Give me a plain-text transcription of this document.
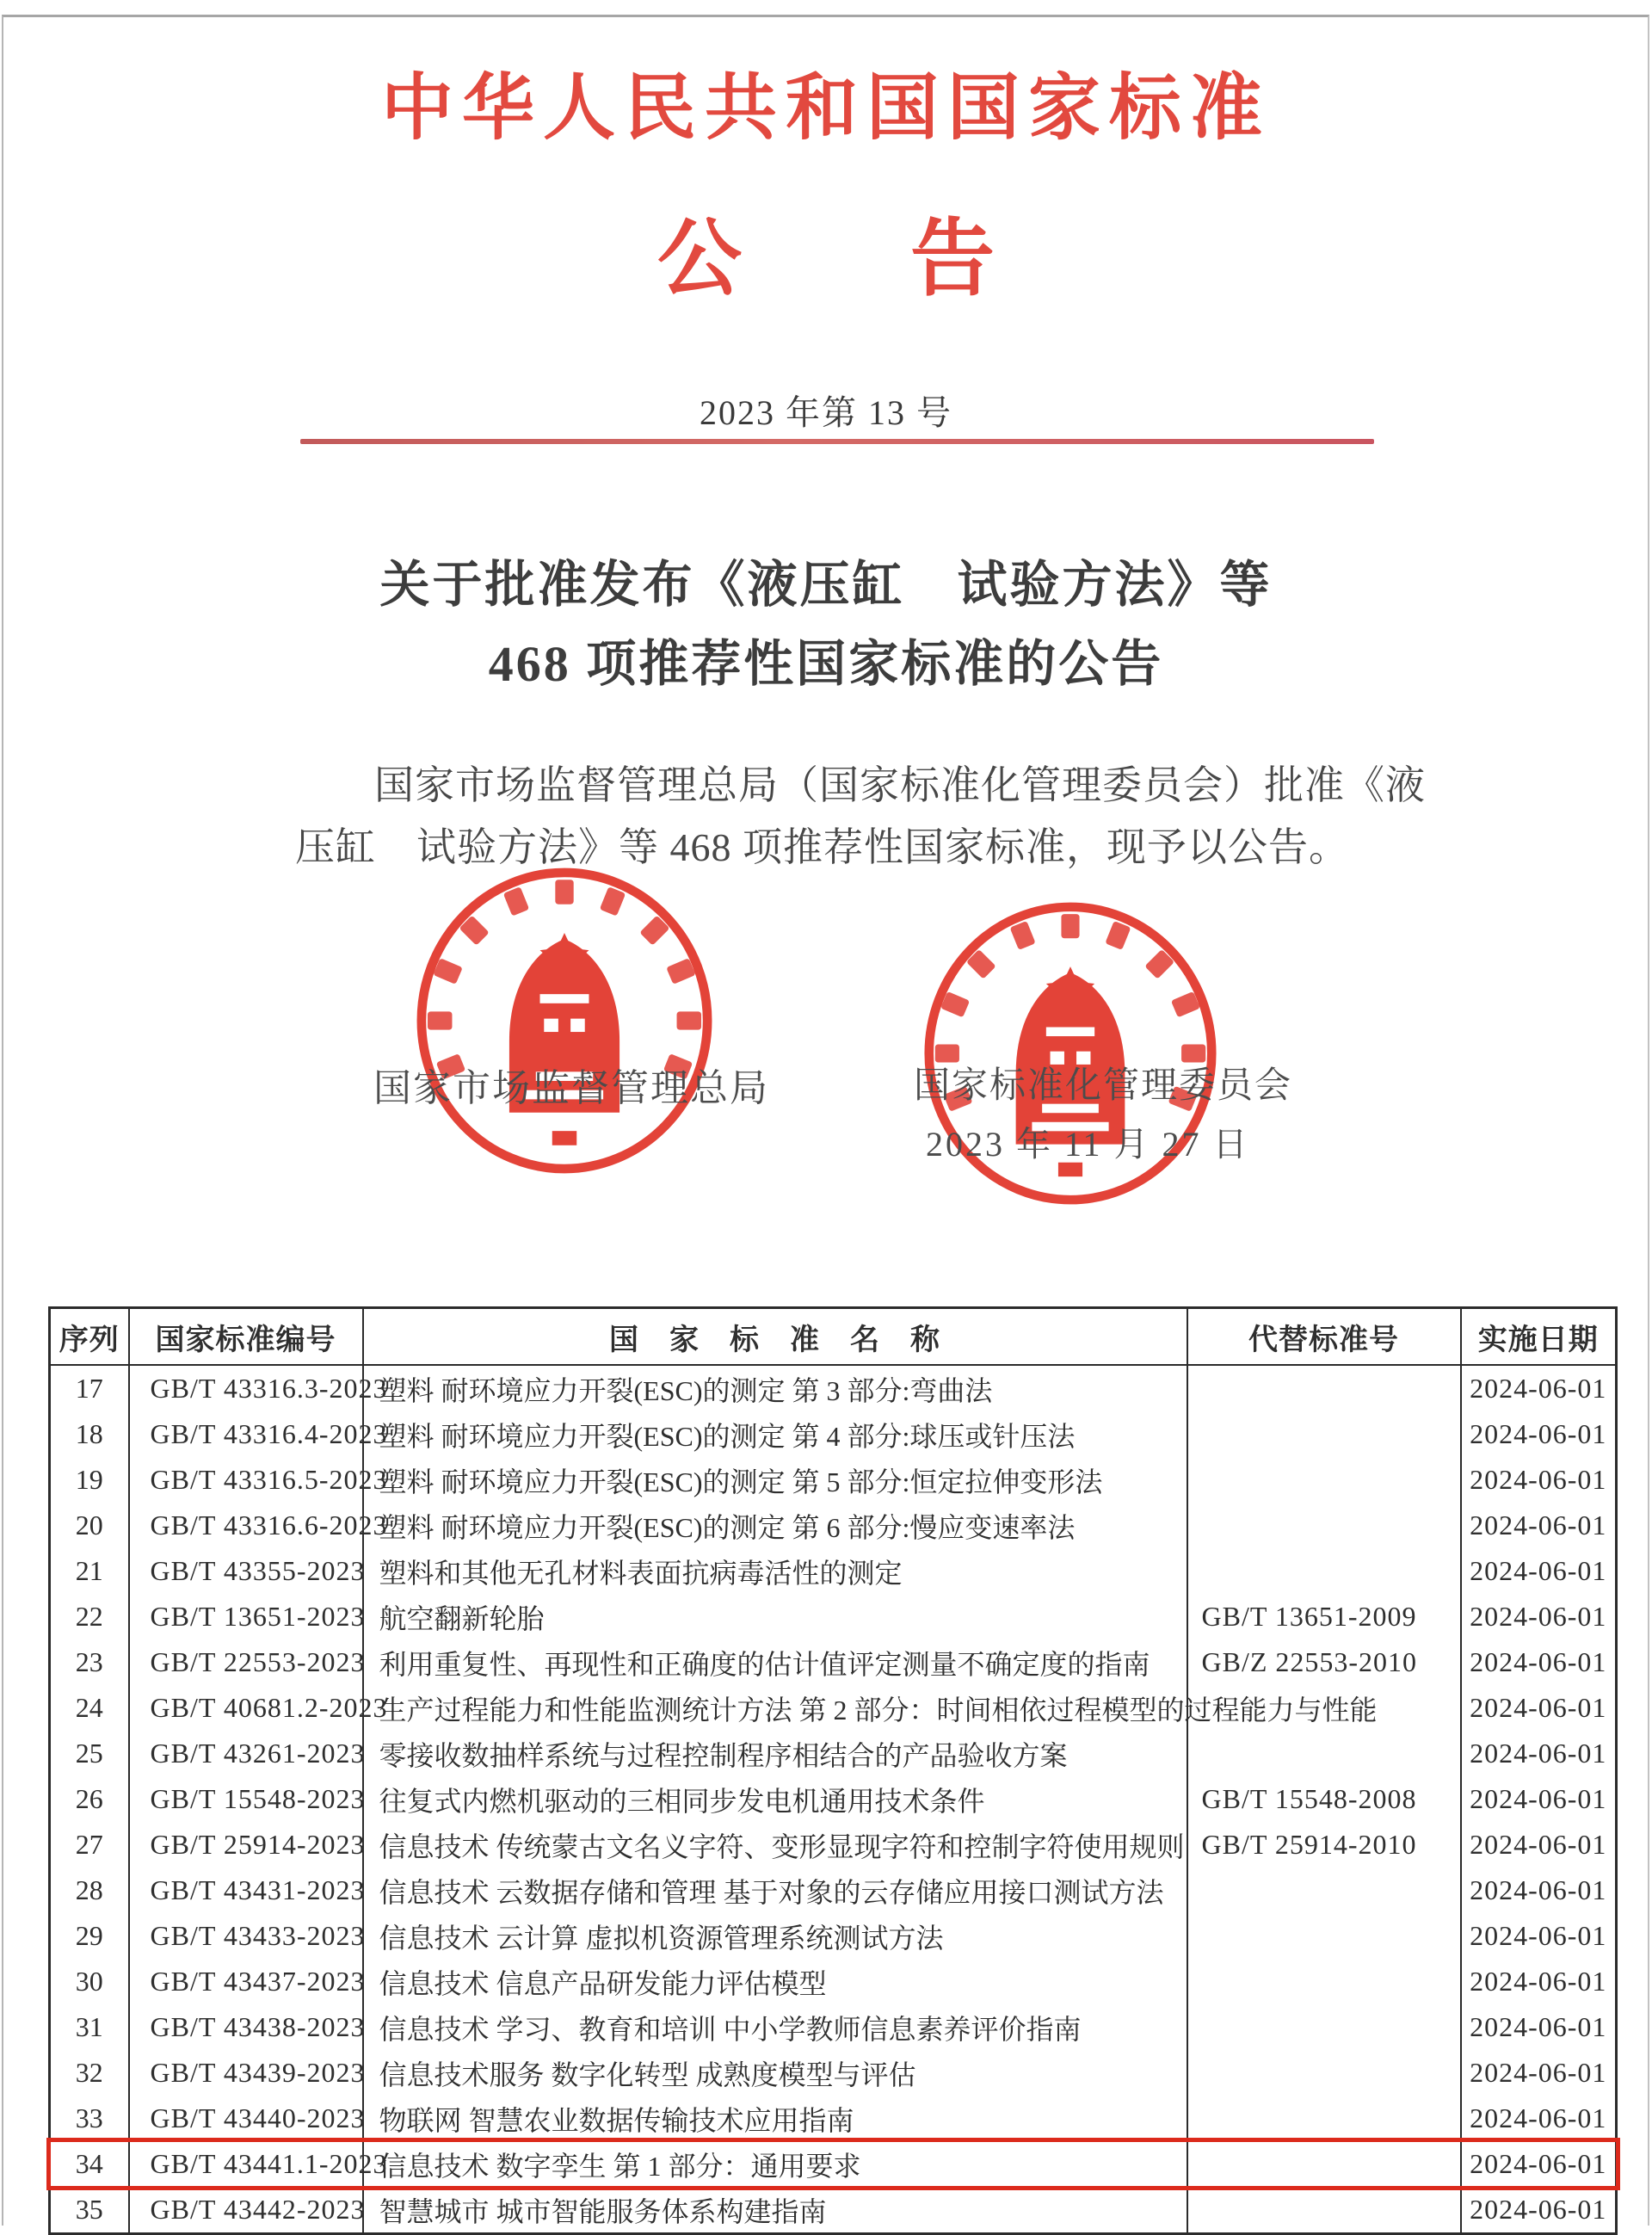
中华人民共和国国家标准
公　　告
2023 年第 13 号
关于批准发布《液压缸　试验方法》等
468 项推荐性国家标准的公告
国家市场监督管理总局（国家标准化管理委员会）批准《液
压缸　试验方法》等 468 项推荐性国家标准，现予以公告。
国家市场监督管理总局	国家标准化管理委员会
2023 年 11 月 27 日
序列	国家标准编号	国　家　标　准　名　称	代替标准号	实施日期
17	GB/T 43316.3-2023	塑料 耐环境应力开裂(ESC)的测定 第 3 部分:弯曲法		2024-06-01
18	GB/T 43316.4-2023	塑料 耐环境应力开裂(ESC)的测定 第 4 部分:球压或针压法		2024-06-01
19	GB/T 43316.5-2023	塑料 耐环境应力开裂(ESC)的测定 第 5 部分:恒定拉伸变形法		2024-06-01
20	GB/T 43316.6-2023	塑料 耐环境应力开裂(ESC)的测定 第 6 部分:慢应变速率法		2024-06-01
21	GB/T 43355-2023	塑料和其他无孔材料表面抗病毒活性的测定		2024-06-01
22	GB/T 13651-2023	航空翻新轮胎	GB/T 13651-2009	2024-06-01
23	GB/T 22553-2023	利用重复性、再现性和正确度的估计值评定测量不确定度的指南	GB/Z 22553-2010	2024-06-01
24	GB/T 40681.2-2023	生产过程能力和性能监测统计方法 第 2 部分：时间相依过程模型的过程能力与性能		2024-06-01
25	GB/T 43261-2023	零接收数抽样系统与过程控制程序相结合的产品验收方案		2024-06-01
26	GB/T 15548-2023	往复式内燃机驱动的三相同步发电机通用技术条件	GB/T 15548-2008	2024-06-01
27	GB/T 25914-2023	信息技术 传统蒙古文名义字符、变形显现字符和控制字符使用规则	GB/T 25914-2010	2024-06-01
28	GB/T 43431-2023	信息技术 云数据存储和管理 基于对象的云存储应用接口测试方法		2024-06-01
29	GB/T 43433-2023	信息技术 云计算 虚拟机资源管理系统测试方法		2024-06-01
30	GB/T 43437-2023	信息技术 信息产品研发能力评估模型		2024-06-01
31	GB/T 43438-2023	信息技术 学习、教育和培训 中小学教师信息素养评价指南		2024-06-01
32	GB/T 43439-2023	信息技术服务 数字化转型 成熟度模型与评估		2024-06-01
33	GB/T 43440-2023	物联网 智慧农业数据传输技术应用指南		2024-06-01
34	GB/T 43441.1-2023	信息技术 数字孪生 第 1 部分：通用要求		2024-06-01
35	GB/T 43442-2023	智慧城市 城市智能服务体系构建指南		2024-06-01
